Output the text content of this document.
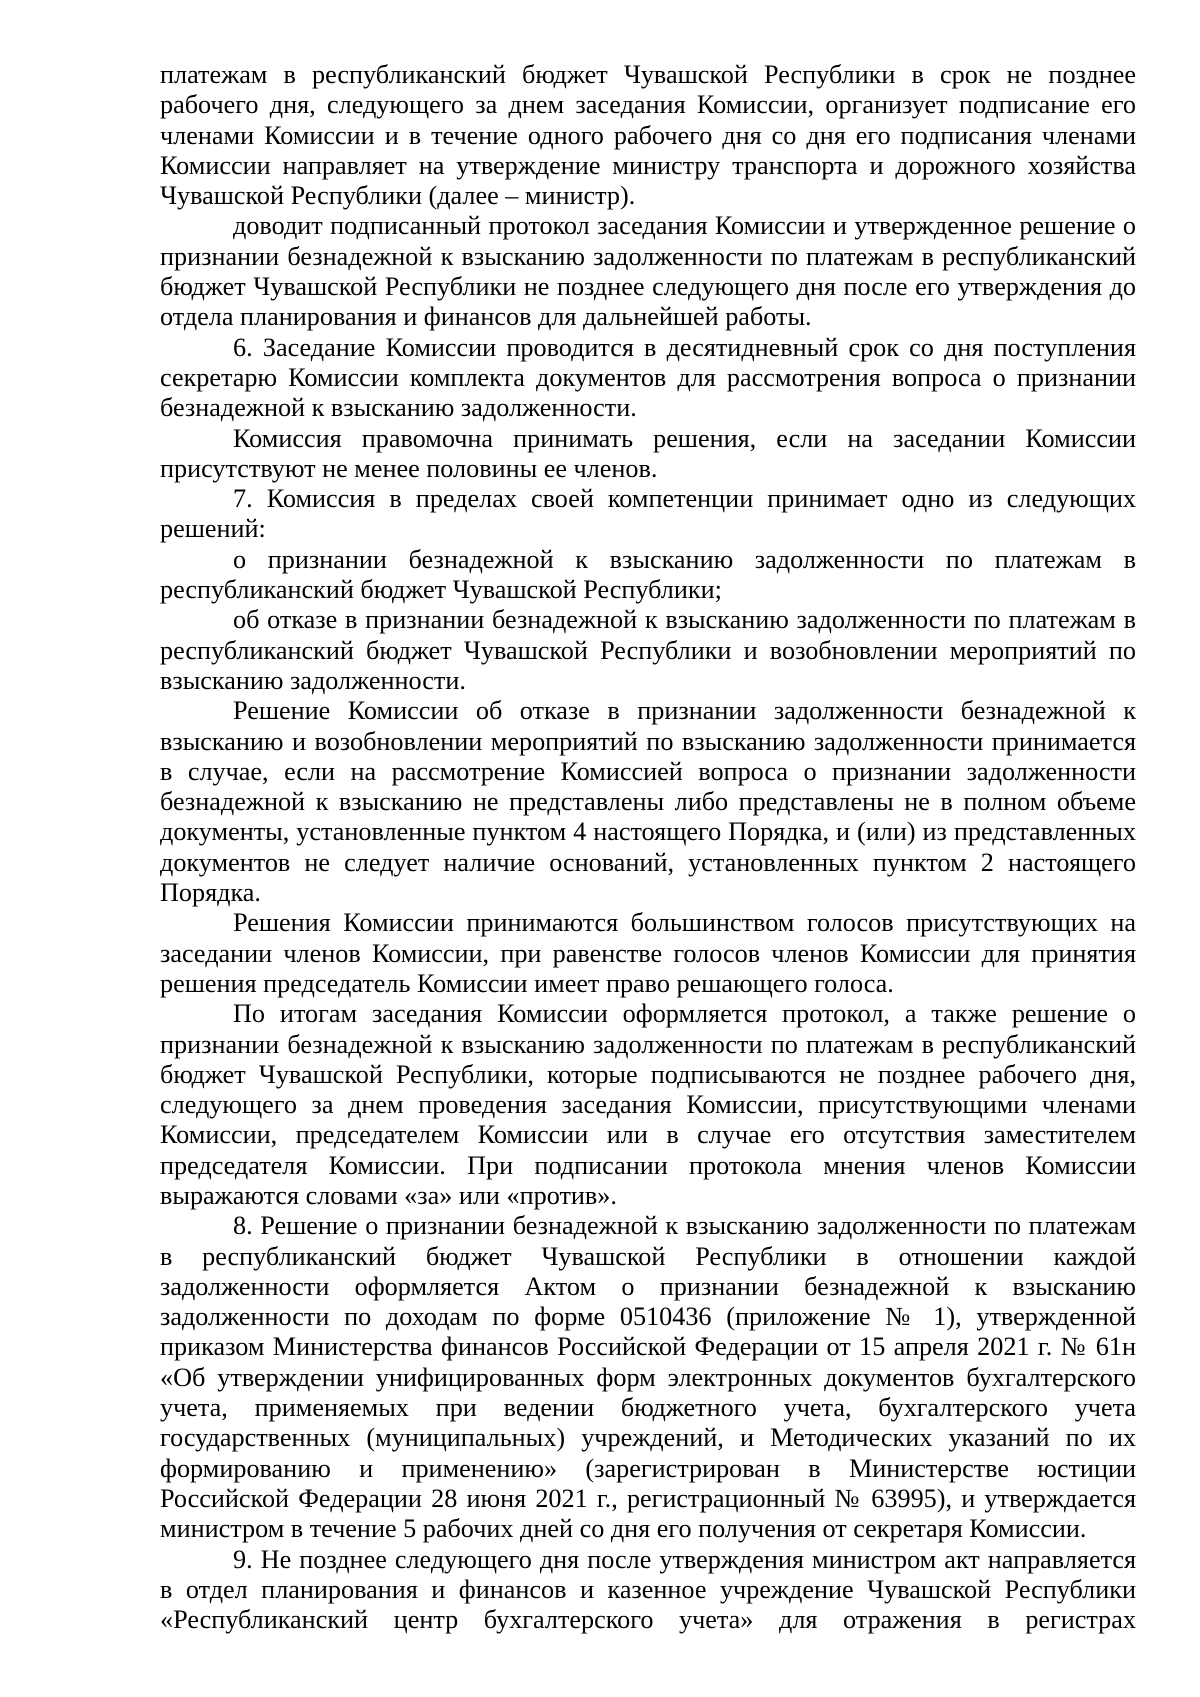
платежам в республиканский бюджет Чувашской Республики в срок не позднее рабочего дня, следующего за днем заседания Комиссии, организует подписание его членами Комиссии и в течение одного рабочего дня со дня его подписания членами Комиссии направляет на утверждение министру транспорта и дорожного хозяйства Чувашской Республики (далее – министр).

доводит подписанный протокол заседания Комиссии и утвержденное решение о признании безнадежной к взысканию задолженности по платежам в республиканский бюджет Чувашской Республики не позднее следующего дня после его утверждения до отдела планирования и финансов для дальнейшей работы.

6. Заседание Комиссии проводится в десятидневный срок со дня поступления секретарю Комиссии комплекта документов для рассмотрения вопроса о признании безнадежной к взысканию задолженности.

Комиссия правомочна принимать решения, если на заседании Комиссии присутствуют не менее половины ее членов.

7. Комиссия в пределах своей компетенции принимает одно из следующих решений:

о признании безнадежной к взысканию задолженности по платежам в республиканский бюджет Чувашской Республики;

об отказе в признании безнадежной к взысканию задолженности по платежам в республиканский бюджет Чувашской Республики и возобновлении мероприятий по взысканию задолженности.

Решение Комиссии об отказе в признании задолженности безнадежной к взысканию и возобновлении мероприятий по взысканию задолженности принимается в случае, если на рассмотрение Комиссией вопроса о признании задолженности безнадежной к взысканию не представлены либо представлены не в полном объеме документы, установленные пунктом 4 настоящего Порядка, и (или) из представленных документов не следует наличие оснований, установленных пунктом 2 настоящего Порядка.

Решения Комиссии принимаются большинством голосов присутствующих на заседании членов Комиссии, при равенстве голосов членов Комиссии для принятия решения председатель Комиссии имеет право решающего голоса.

По итогам заседания Комиссии оформляется протокол, а также решение о признании безнадежной к взысканию задолженности по платежам в республиканский бюджет Чувашской Республики, которые подписываются не позднее рабочего дня, следующего за днем проведения заседания Комиссии, присутствующими членами Комиссии, председателем Комиссии или в случае его отсутствия заместителем председателя Комиссии. При подписании протокола мнения членов Комиссии выражаются словами «за» или «против».

8. Решение о признании безнадежной к взысканию задолженности по платежам в республиканский бюджет Чувашской Республики в отношении каждой задолженности оформляется Актом о признании безнадежной к взысканию задолженности по доходам по форме 0510436 (приложение № 1), утвержденной приказом Министерства финансов Российской Федерации от 15 апреля 2021 г. № 61н «Об утверждении унифицированных форм электронных документов бухгалтерского учета, применяемых при ведении бюджетного учета, бухгалтерского учета государственных (муниципальных) учреждений, и Методических указаний по их формированию и применению» (зарегистрирован в Министерстве юстиции Российской Федерации 28 июня 2021 г., регистрационный № 63995), и утверждается министром в течение 5 рабочих дней со дня его получения от секретаря Комиссии.

9. Не позднее следующего дня после утверждения министром акт направляется в отдел планирования и финансов и казенное учреждение Чувашской Республики «Республиканский центр бухгалтерского учета» для отражения в регистрах
